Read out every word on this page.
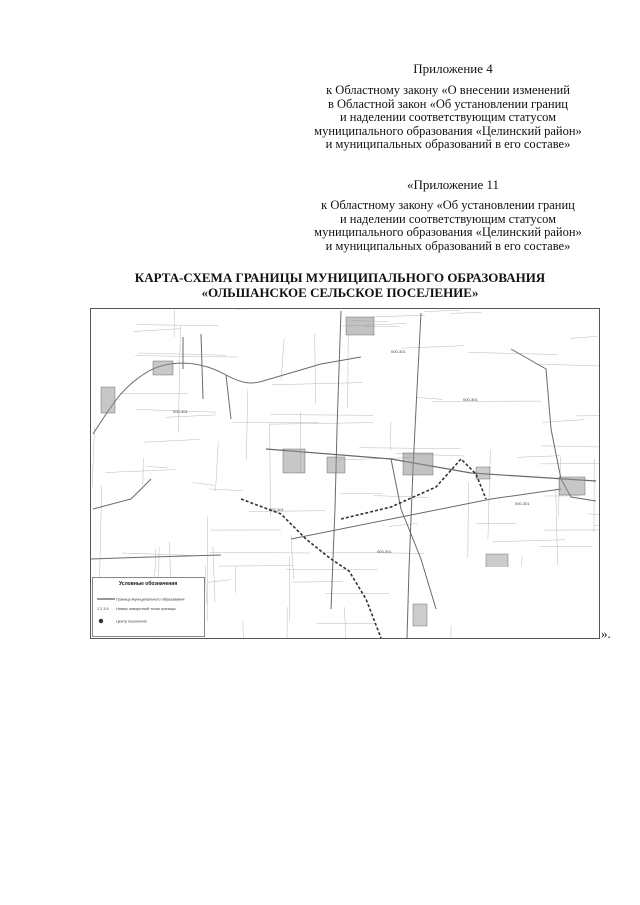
Приложение 4
к Областному закону «О внесении изменений
в Областной закон «Об установлении границ
и наделении соответствующим статусом
муниципального образования «Целинский район»
и муниципальных образований в его составе»
«Приложение 11
к Областному закону «Об установлении границ
и наделении соответствующим статусом
муниципального образования «Целинский район»
и муниципальных образований в его составе»
КАРТА-СХЕМА ГРАНИЦЫ МУНИЦИПАЛЬНОГО ОБРАЗОВАНИЯ
«ОЛЬШАНСКОЕ СЕЛЬСКОЕ ПОСЕЛЕНИЕ»
000-301
000-301
000-301
000-301
000-301
000-301
Условные обозначения
Граница муниципального образования
1 2 3 4 Номер поворотной точки границы
Центр поселения
».
